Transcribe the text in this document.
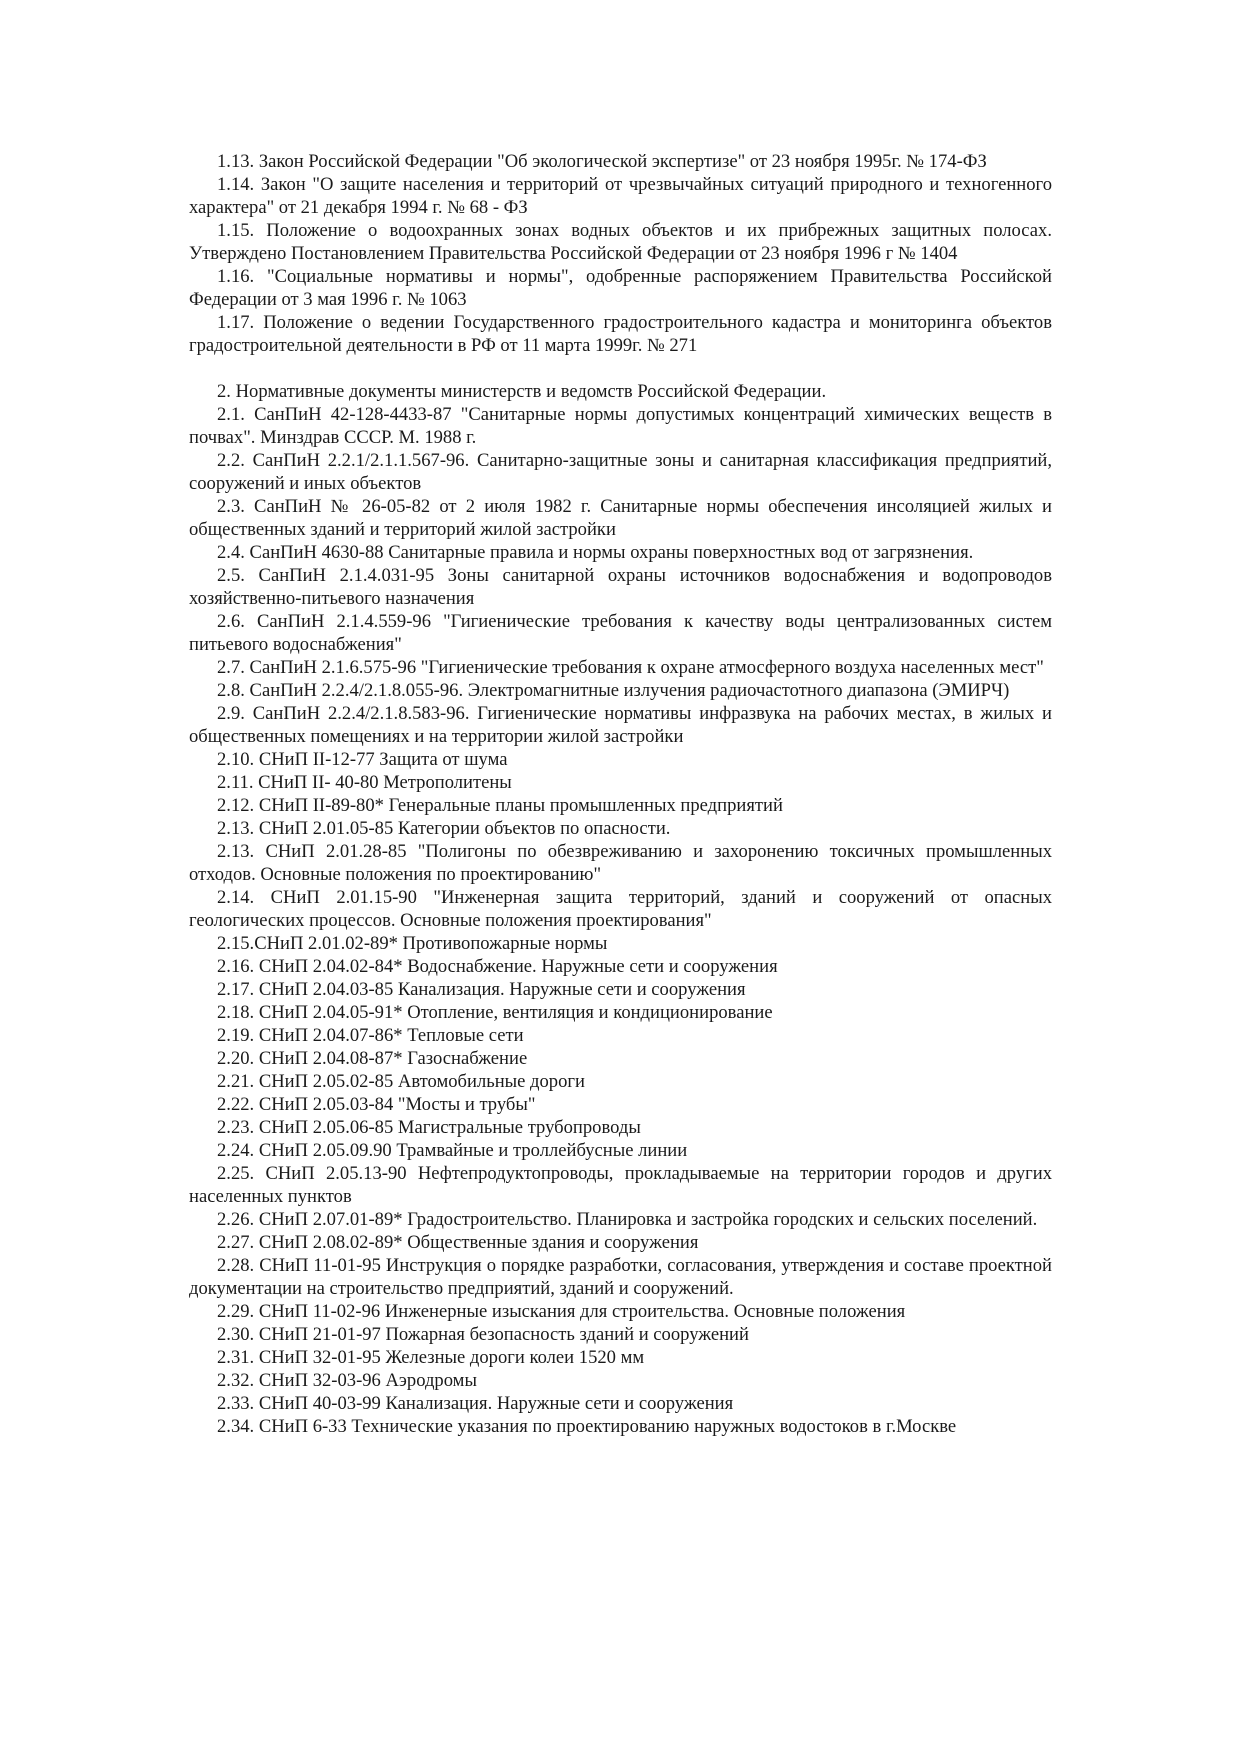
1.13. Закон Российской Федерации "Об экологической экспертизе" от 23 ноября 1995г. № 174-ФЗ

1.14. Закон "О защите населения и территорий от чрезвычайных ситуаций природного и техногенного характера" от 21 декабря 1994 г. № 68 - ФЗ

1.15. Положение о водоохранных зонах водных объектов и их прибрежных защитных полосах. Утверждено Постановлением Правительства Российской Федерации от 23 ноября 1996 г № 1404

1.16. "Социальные нормативы и нормы", одобренные распоряжением Правительства Российской Федерации от 3 мая 1996 г. № 1063

1.17. Положение о ведении Государственного градостроительного кадастра и мониторинга объектов градостроительной деятельности в РФ от 11 марта 1999г. № 271

2. Нормативные документы министерств и ведомств Российской Федерации.

2.1. СанПиН 42-128-4433-87 "Санитарные нормы допустимых концентраций химических веществ в почвах". Минздрав СССР. М. 1988 г.

2.2. СанПиН 2.2.1/2.1.1.567-96. Санитарно-защитные зоны и санитарная классификация предприятий, сооружений и иных объектов

2.3. СанПиН № 26-05-82 от 2 июля 1982 г. Санитарные нормы обеспечения инсоляцией жилых и общественных зданий и территорий жилой застройки

2.4. СанПиН 4630-88 Санитарные правила и нормы охраны поверхностных вод от загрязнения.

2.5. СанПиН 2.1.4.031-95 Зоны санитарной охраны источников водоснабжения и водопроводов хозяйственно-питьевого назначения

2.6. СанПиН 2.1.4.559-96 "Гигиенические требования к качеству воды централизованных систем питьевого водоснабжения"

2.7. СанПиН 2.1.6.575-96 "Гигиенические требования к охране атмосферного воздуха населенных мест"

2.8. СанПиН 2.2.4/2.1.8.055-96. Электромагнитные излучения радиочастотного диапазона (ЭМИРЧ)

2.9. СанПиН 2.2.4/2.1.8.583-96. Гигиенические нормативы инфразвука на рабочих местах, в жилых и общественных помещениях и на территории жилой застройки

2.10. СНиП II-12-77 Защита от шума

2.11. СНиП II- 40-80 Метрополитены

2.12. СНиП II-89-80* Генеральные планы промышленных предприятий

2.13. СНиП 2.01.05-85 Категории объектов по опасности.

2.13. СНиП 2.01.28-85 "Полигоны по обезвреживанию и захоронению токсичных промышленных отходов. Основные положения по проектированию"

2.14. СНиП 2.01.15-90 "Инженерная защита территорий, зданий и сооружений от опасных геологических процессов. Основные положения проектирования"

2.15.СНиП 2.01.02-89* Противопожарные нормы

2.16. СНиП 2.04.02-84* Водоснабжение. Наружные сети и сооружения

2.17. СНиП 2.04.03-85 Канализация. Наружные сети и сооружения

2.18. СНиП 2.04.05-91* Отопление, вентиляция и кондиционирование

2.19. СНиП 2.04.07-86* Тепловые сети

2.20. СНиП 2.04.08-87* Газоснабжение

2.21. СНиП 2.05.02-85 Автомобильные дороги

2.22. СНиП 2.05.03-84 "Мосты и трубы"

2.23. СНиП 2.05.06-85 Магистральные трубопроводы

2.24. СНиП 2.05.09.90 Трамвайные и троллейбусные линии

2.25. СНиП 2.05.13-90 Нефтепродуктопроводы, прокладываемые на территории городов и других населенных пунктов

2.26. СНиП 2.07.01-89* Градостроительство. Планировка и застройка городских и сельских поселений.

2.27. СНиП 2.08.02-89* Общественные здания и сооружения

2.28. СНиП 11-01-95 Инструкция о порядке разработки, согласования, утверждения и составе проектной документации на строительство предприятий, зданий и сооружений.

2.29. СНиП 11-02-96 Инженерные изыскания для строительства. Основные положения

2.30. СНиП 21-01-97 Пожарная безопасность зданий и сооружений

2.31. СНиП 32-01-95 Железные дороги колеи 1520 мм

2.32. СНиП 32-03-96 Аэродромы

2.33. СНиП 40-03-99 Канализация. Наружные сети и сооружения

2.34. СНиП 6-33 Технические указания по проектированию наружных водостоков в г.Москве
